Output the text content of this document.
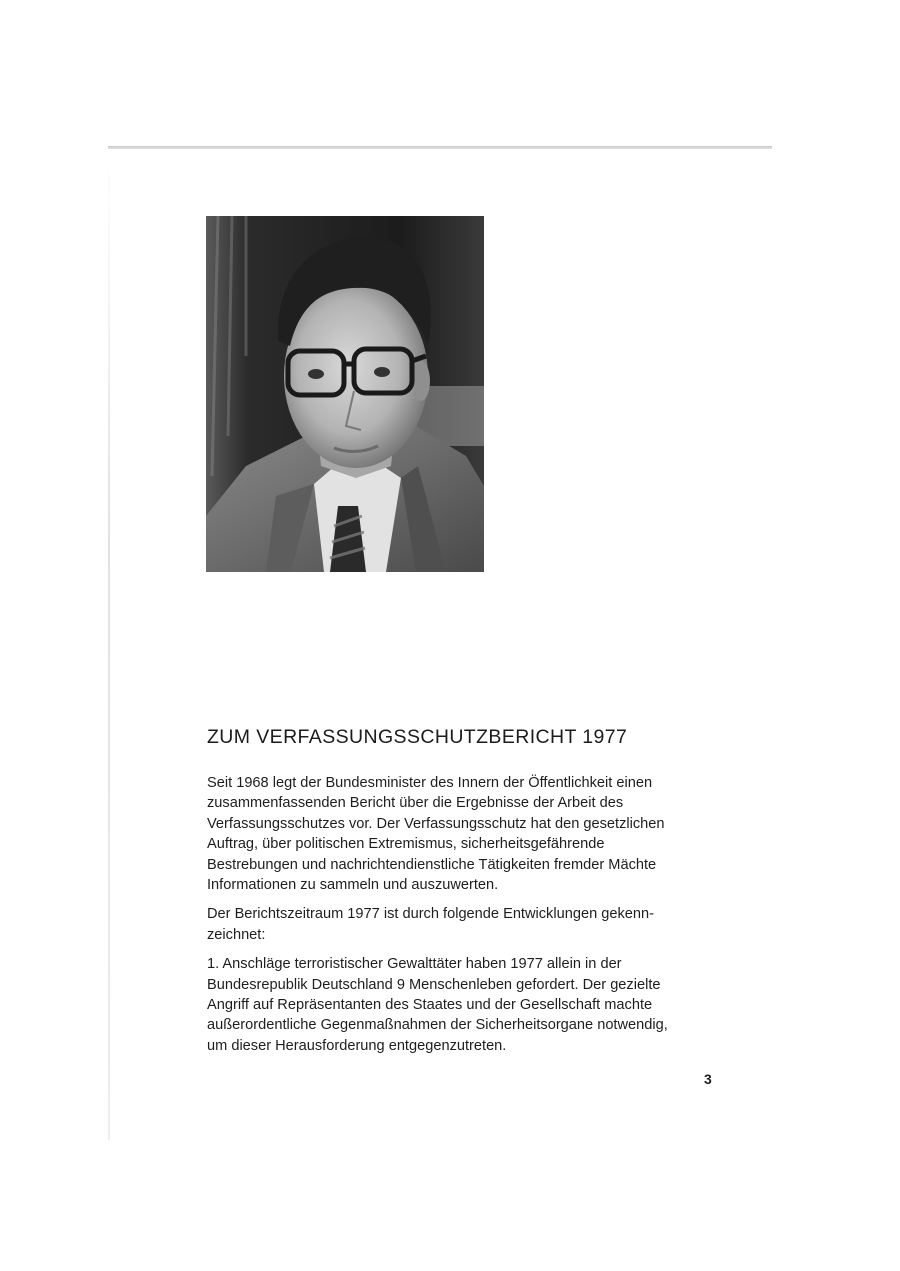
ZUM VERFASSUNGSSCHUTZBERICHT 1977

Seit 1968 legt der Bundesminister des Innern der Öffentlichkeit einen
zusammenfassenden Bericht über die Ergebnisse der Arbeit des
Verfassungsschutzes vor. Der Verfassungsschutz hat den gesetzlichen
Auftrag, über politischen Extremismus, sicherheitsgefährende
Bestrebungen und nachrichtendienstliche Tätigkeiten fremder Mächte
Informationen zu sammeln und auszuwerten.

Der Berichtszeitraum 1977 ist durch folgende Entwicklungen gekenn-
zeichnet:

1. Anschläge terroristischer Gewalttäter haben 1977 allein in der
Bundesrepublik Deutschland 9 Menschenleben gefordert. Der gezielte
Angriff auf Repräsentanten des Staates und der Gesellschaft machte
außerordentliche Gegenmaßnahmen der Sicherheitsorgane notwendig,
um dieser Herausforderung entgegenzutreten.

3
